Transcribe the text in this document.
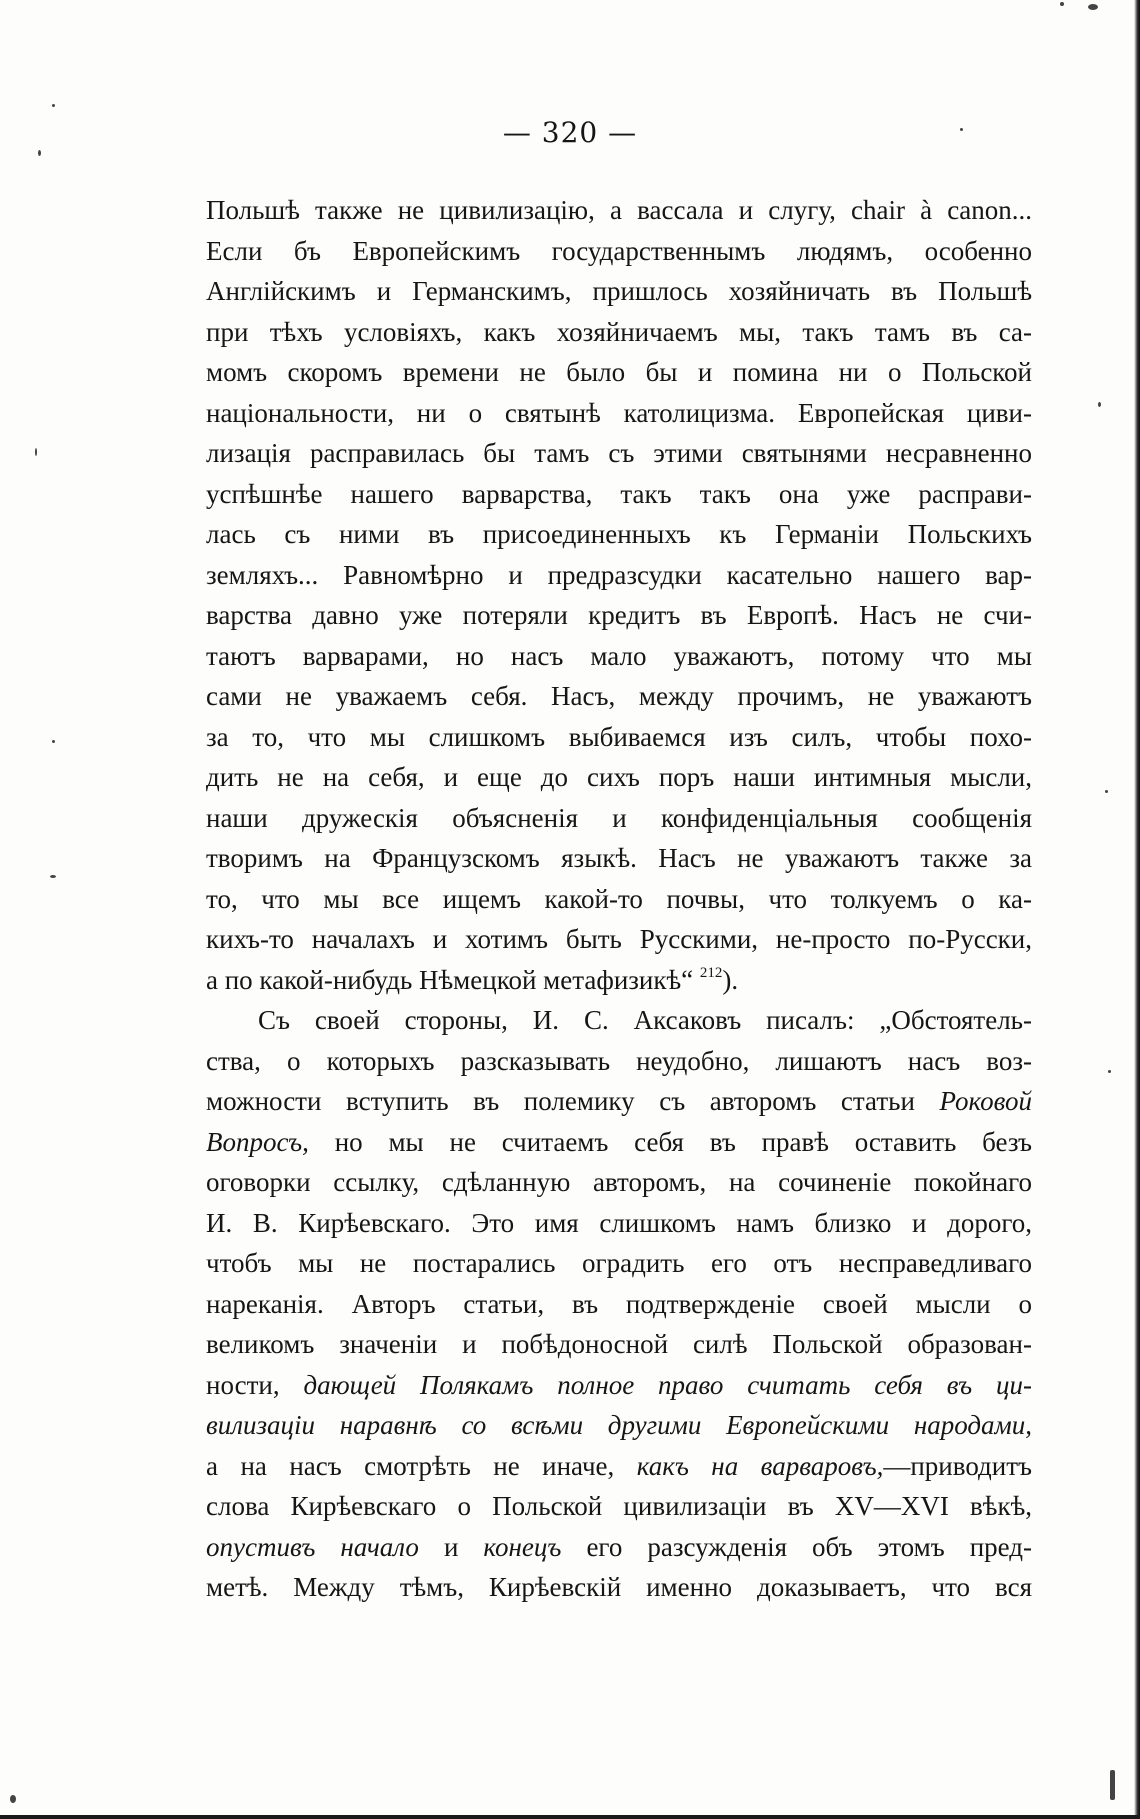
— 320 —
Польшѣ также не цивилизацію, а вассала и слугу, chair à canon...
Если бъ Европейскимъ государственнымъ людямъ, особенно
Англійскимъ и Германскимъ, пришлось хозяйничать въ Польшѣ
при тѣхъ условіяхъ, какъ хозяйничаемъ мы, такъ тамъ въ са-
момъ скоромъ времени не было бы и помина ни о Польской
національности, ни о святынѣ католицизма. Европейская циви-
лизація расправилась бы тамъ съ этими святынями несравненно
успѣшнѣе нашего варварства, такъ такъ она уже расправи-
лась съ ними въ присоединенныхъ къ Германіи Польскихъ
земляхъ... Равномѣрно и предразсудки касательно нашего вар-
варства давно уже потеряли кредитъ въ Европѣ. Насъ не счи-
таютъ варварами, но насъ мало уважаютъ, потому что мы
сами не уважаемъ себя. Насъ, между прочимъ, не уважаютъ
за то, что мы слишкомъ выбиваемся изъ силъ, чтобы похо-
дить не на себя, и еще до сихъ поръ наши интимныя мысли,
наши дружескія объясненія и конфиденціальныя сообщенія
творимъ на Французскомъ языкѣ. Насъ не уважаютъ также за
то, что мы все ищемъ какой-то почвы, что толкуемъ о ка-
кихъ-то началахъ и хотимъ быть Русскими, не-просто по-Русски,
а по какой-нибудь Нѣмецкой метафизикѣ“ $^{212}$).
Съ своей стороны, И. С. Аксаковъ писалъ: „Обстоятель-
ства, о которыхъ разсказывать неудобно, лишаютъ насъ воз-
можности вступить въ полемику съ авторомъ статьи Роковой
Вопросъ, но мы не считаемъ себя въ правѣ оставить безъ
оговорки ссылку, сдѣланную авторомъ, на сочиненіе покойнаго
И. В. Кирѣевскаго. Это имя слишкомъ намъ близко и дорого,
чтобъ мы не постарались оградить его отъ несправедливаго
нареканія. Авторъ статьи, въ подтвержденіе своей мысли о
великомъ значеніи и побѣдоносной силѣ Польской образован-
ности, дающей Полякамъ полное право считать себя въ ци-
вилизаціи наравнѣ со всѣми другими Европейскими народами,
а на насъ смотрѣть не иначе, какъ на варваровъ,—приводитъ
слова Кирѣевскаго о Польской цивилизаціи въ XV—XVI вѣкѣ,
опустивъ начало и конецъ его разсужденія объ этомъ пред-
метѣ. Между тѣмъ, Кирѣевскій именно доказываетъ, что вся
